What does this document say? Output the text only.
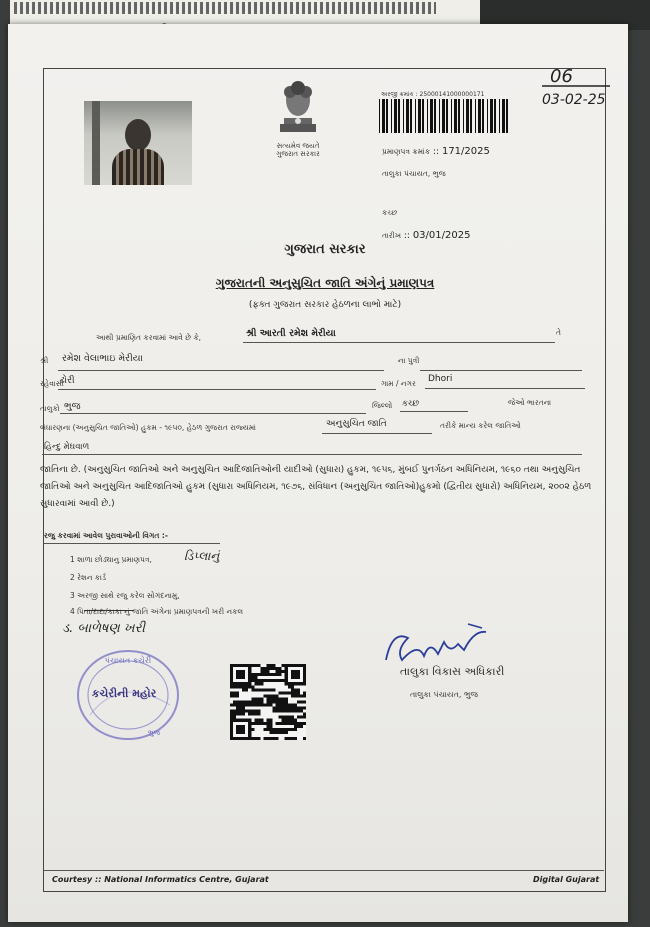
સત્યમેવ જયતે
ગુજરાત સરકાર
અરજી ક્રમાંક : 25000141000000171
પ્રમાણપત્ર ક્રમાંક :: 171/2025
તાલુકા પંચાયત, ભુજ
કચ્છ
તારીખ :: 03/01/2025
06
03-02-25
ગુજરાત સરકાર
ગુજરાતની અનુસુચિત જાતિ અંગેનું પ્રમાણપત્ર
(ફક્ત ગુજરાત સરકાર હેઠળના લાભો માટે)
આથી પ્રમાણિત કરવામાં આવે છે કે,	શ્રી આરતી રમેશ મેરીયા	તે
શ્રી રમેશ વેલાભાઇ મેરીયા	ના પુત્રી
રહેવાસી
ઢોરી	ગામ / નગર Dhori
તાલુકો ભુજ	જિલ્લો કચ્છ	જેઓ ભારતના
બંધારણના (અનુસુચિત જાતિઓ) હુકમ - ૧૯૫૦, હેઠળ ગુજરાત રાજ્યમાં	અનુસુચિત જાતિ	તરીકે માન્ય કરેલ જાતિઓ
હિન્દુ મેઘવાળ
જાતિના છે. (અનુસુચિત જાતિઓ અને અનુસુચિત આદિજાતિઓની યાદીઓ (સુધારા) હુકમ, ૧૯૫૬, મુંબઈ પુનર્ગઠન અધિનિયમ, ૧૯૬૦ તથા અનુસુચિત જાતિઓ અને અનુસુચિત આદિજાતિઓ હુકમ (સુધારા અધિનિયમ, ૧૯૭૬, સંવિધાન (અનુસુચિત જાતિઓ)હુકમો (દ્વિતીય સુધારો) અધિનિયમ, ૨૦૦૨ હેઠળ સુધારવામાં આવી છે.)
રજુ કરવામાં આવેલ પુરાવાઓની વિગત :-
1 શાળા છોડ્યાનુ પ્રમાણપત્ર,	ડિપ્લાનું
2 રેશન કાર્ડ
3 અરજી સાથે રજુ કરેલ સોગંદનામુ,
4 પિતા/દાદા/કાકા નું જાતિ અંગેના પ્રમાણપત્રની ખરી નકલ
ડ. બાળેષણ ખરી
પંચાયત કચેરી
કચેરીની મહોર
ભુજ
Sanjay
તાલુકા વિકાસ અધિકારી
તાલુકા પંચાયત, ભુજ
Courtesy :: National Informatics Centre, Gujarat	Digital Gujarat
